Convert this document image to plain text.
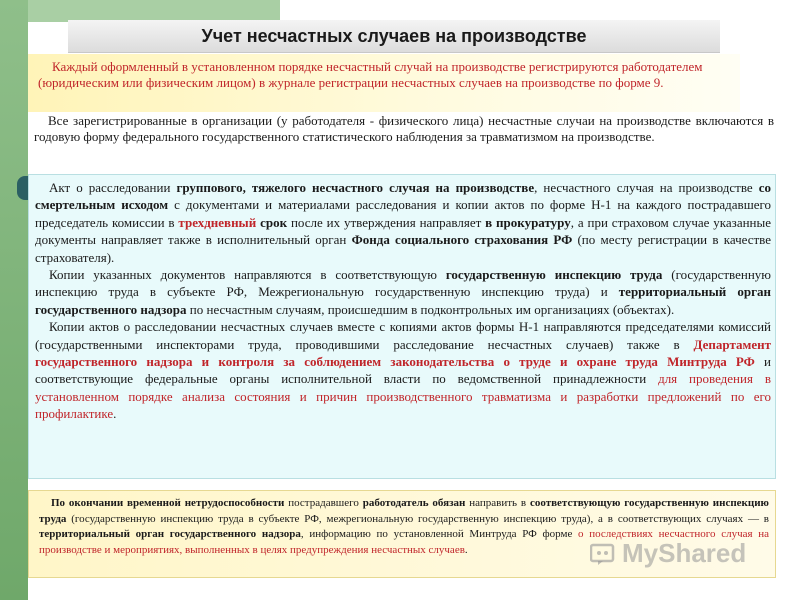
Учет несчастных случаев на производстве
Каждый оформленный в установленном порядке несчастный случай на производстве регистрируются работодателем (юридическим или физическим лицом) в журнале регистрации несчастных случаев на производстве по форме 9.
Все зарегистрированные в организации (у работодателя - физического лица) несчастные случаи на производстве включаются в годовую форму федерального государственного статистического наблюдения за травматизмом на производстве.

Акт о расследовании группового, тяжелого несчастного случая на производстве, несчастного случая на производстве со смертельным исходом с документами и материалами расследования и копии актов по форме Н-1 на каждого пострадавшего председатель комиссии в трехдневный срок после их утверждения направляет в прокуратуру, а при страховом случае указанные документы направляет также в исполнительный орган Фонда социального страхования РФ (по месту регистрации в качестве страхователя).

Копии указанных документов направляются в соответствующую государственную инспекцию труда (государственную инспекцию труда в субъекте РФ, Межрегиональную государственную инспекцию труда) и территориальный орган государственного надзора по несчастным случаям, происшедшим в подконтрольных им организациях (объектах).

Копии актов о расследовании несчастных случаев вместе с копиями актов формы Н-1 направляются председателями комиссий (государственными инспекторами труда, проводившими расследование несчастных случаев) также в Департамент государственного надзора и контроля за соблюдением законодательства о труде и охране труда Минтруда РФ и соответствующие федеральные органы исполнительной власти по ведомственной принадлежности для проведения в установленном порядке анализа состояния и причин производственного травматизма и разработки предложений по его профилактике.

По окончании временной нетрудоспособности пострадавшего работодатель обязан направить в соответствующую государственную инспекцию труда (государственную инспекцию труда в субъекте РФ, межрегиональную государственную инспекцию труда), а в соответствующих случаях — в территориальный орган государственного надзора, информацию по установленной Минтруда РФ форме о последствиях несчастного случая на производстве и мероприятиях, выполненных в целях предупреждения несчастных случаев.	MyShared
